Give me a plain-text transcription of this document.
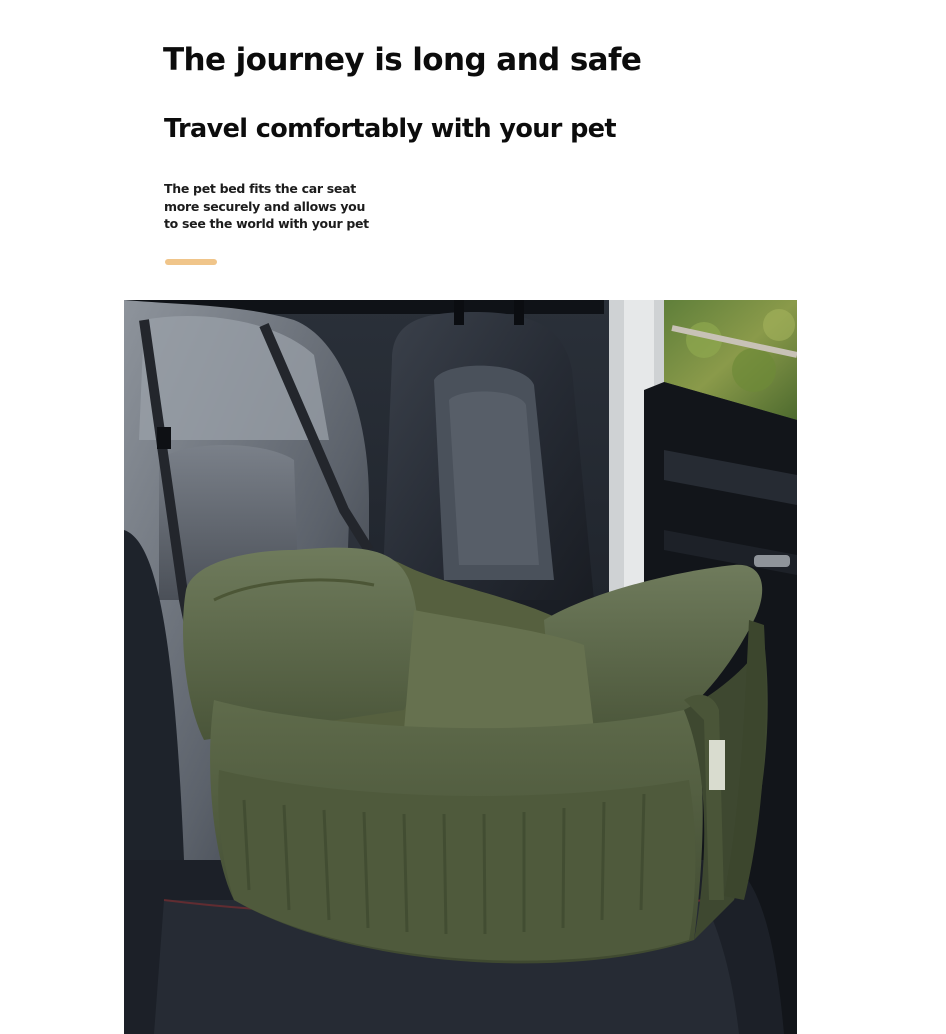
The journey is long and safe
Travel comfortably with your pet

The pet bed fits the car seat
more securely and allows you
to see the world with your pet
